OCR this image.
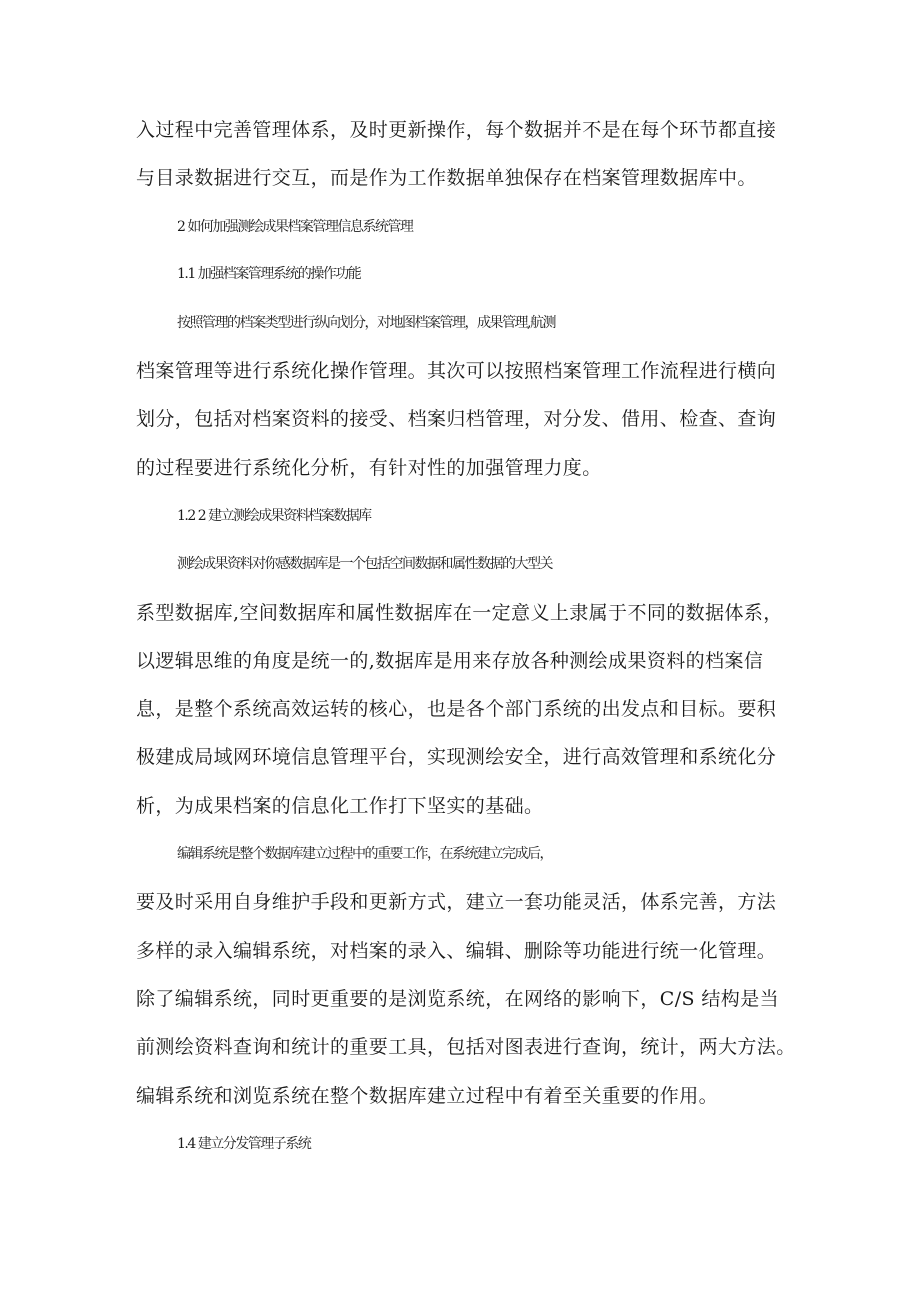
入过程中完善管理体系，及时更新操作，每个数据并不是在每个环节都直接
与目录数据进行交互，而是作为工作数据单独保存在档案管理数据库中。
2 如何加强测绘成果档案管理信息系统管理
1.1 加强档案管理系统的操作功能
按照管理的档案类型进行纵向划分，对地图档案管理，成果管理,航测
档案管理等进行系统化操作管理。其次可以按照档案管理工作流程进行横向
划分，包括对档案资料的接受、档案归档管理，对分发、借用、检查、查询
的过程要进行系统化分析，有针对性的加强管理力度。
1.2 2 建立测绘成果资料档案数据库
测绘成果资料对你感数据库是一个包括空间数据和属性数据的大型关
系型数据库,空间数据库和属性数据库在一定意义上隶属于不同的数据体系，
以逻辑思维的角度是统一的,数据库是用来存放各种测绘成果资料的档案信
息，是整个系统高效运转的核心，也是各个部门系统的出发点和目标。要积
极建成局域网环境信息管理平台，实现测绘安全，进行高效管理和系统化分
析，为成果档案的信息化工作打下坚实的基础。
编辑系统是整个数据库建立过程中的重要工作，在系统建立完成后，
要及时采用自身维护手段和更新方式，建立一套功能灵活，体系完善，方法
多样的录入编辑系统，对档案的录入、编辑、删除等功能进行统一化管理。
除了编辑系统，同时更重要的是浏览系统，在网络的影响下，C/S 结构是当
前测绘资料查询和统计的重要工具，包括对图表进行查询，统计，两大方法。
编辑系统和浏览系统在整个数据库建立过程中有着至关重要的作用。
1.4 建立分发管理子系统
